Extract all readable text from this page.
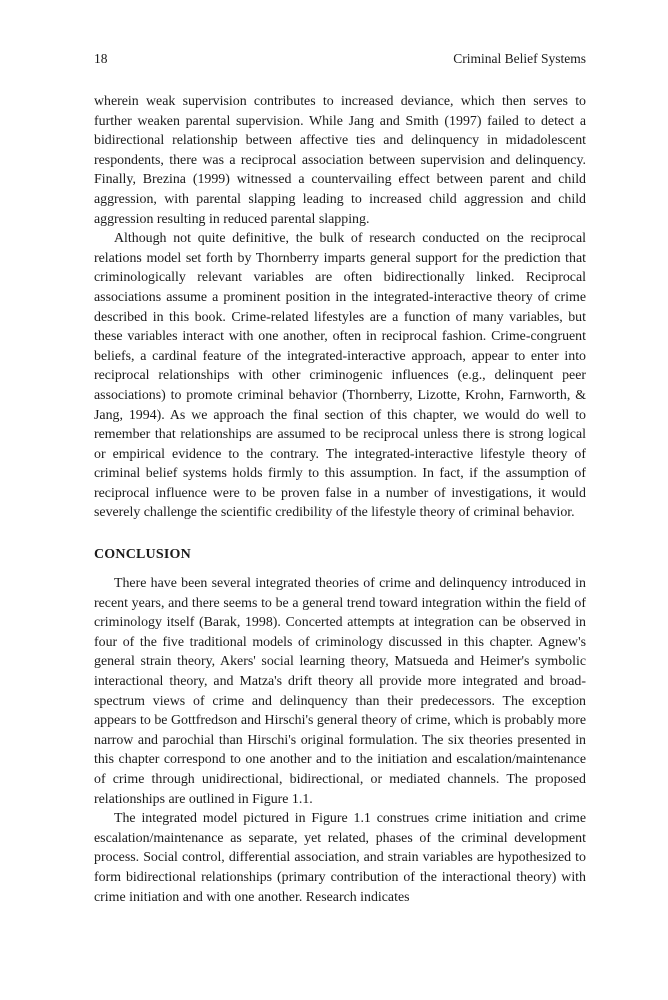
18	Criminal Belief Systems

wherein weak supervision contributes to increased deviance, which then serves to further weaken parental supervision. While Jang and Smith (1997) failed to detect a bidirectional relationship between affective ties and delinquency in midadolescent respondents, there was a reciprocal association between supervision and delinquency. Finally, Brezina (1999) witnessed a countervailing effect between parent and child aggression, with parental slapping leading to increased child aggression and child aggression resulting in reduced parental slapping.

Although not quite definitive, the bulk of research conducted on the reciprocal relations model set forth by Thornberry imparts general support for the prediction that criminologically relevant variables are often bidirectionally linked. Reciprocal associations assume a prominent position in the integrated-interactive theory of crime described in this book. Crime-related lifestyles are a function of many variables, but these variables interact with one another, often in reciprocal fashion. Crime-congruent beliefs, a cardinal feature of the integrated-interactive approach, appear to enter into reciprocal relationships with other criminogenic influences (e.g., delinquent peer associations) to promote criminal behavior (Thornberry, Lizotte, Krohn, Farnworth, & Jang, 1994). As we approach the final section of this chapter, we would do well to remember that relationships are assumed to be reciprocal unless there is strong logical or empirical evidence to the contrary. The integrated-interactive lifestyle theory of criminal belief systems holds firmly to this assumption. In fact, if the assumption of reciprocal influence were to be proven false in a number of investigations, it would severely challenge the scientific credibility of the lifestyle theory of criminal behavior.

CONCLUSION

There have been several integrated theories of crime and delinquency introduced in recent years, and there seems to be a general trend toward integration within the field of criminology itself (Barak, 1998). Concerted attempts at integration can be observed in four of the five traditional models of criminology discussed in this chapter. Agnew's general strain theory, Akers' social learning theory, Matsueda and Heimer's symbolic interactional theory, and Matza's drift theory all provide more integrated and broad-spectrum views of crime and delinquency than their predecessors. The exception appears to be Gottfredson and Hirschi's general theory of crime, which is probably more narrow and parochial than Hirschi's original formulation. The six theories presented in this chapter correspond to one another and to the initiation and escalation/maintenance of crime through unidirectional, bidirectional, or mediated channels. The proposed relationships are outlined in Figure 1.1.

The integrated model pictured in Figure 1.1 construes crime initiation and crime escalation/maintenance as separate, yet related, phases of the criminal development process. Social control, differential association, and strain variables are hypothesized to form bidirectional relationships (primary contribution of the interactional theory) with crime initiation and with one another. Research indicates
